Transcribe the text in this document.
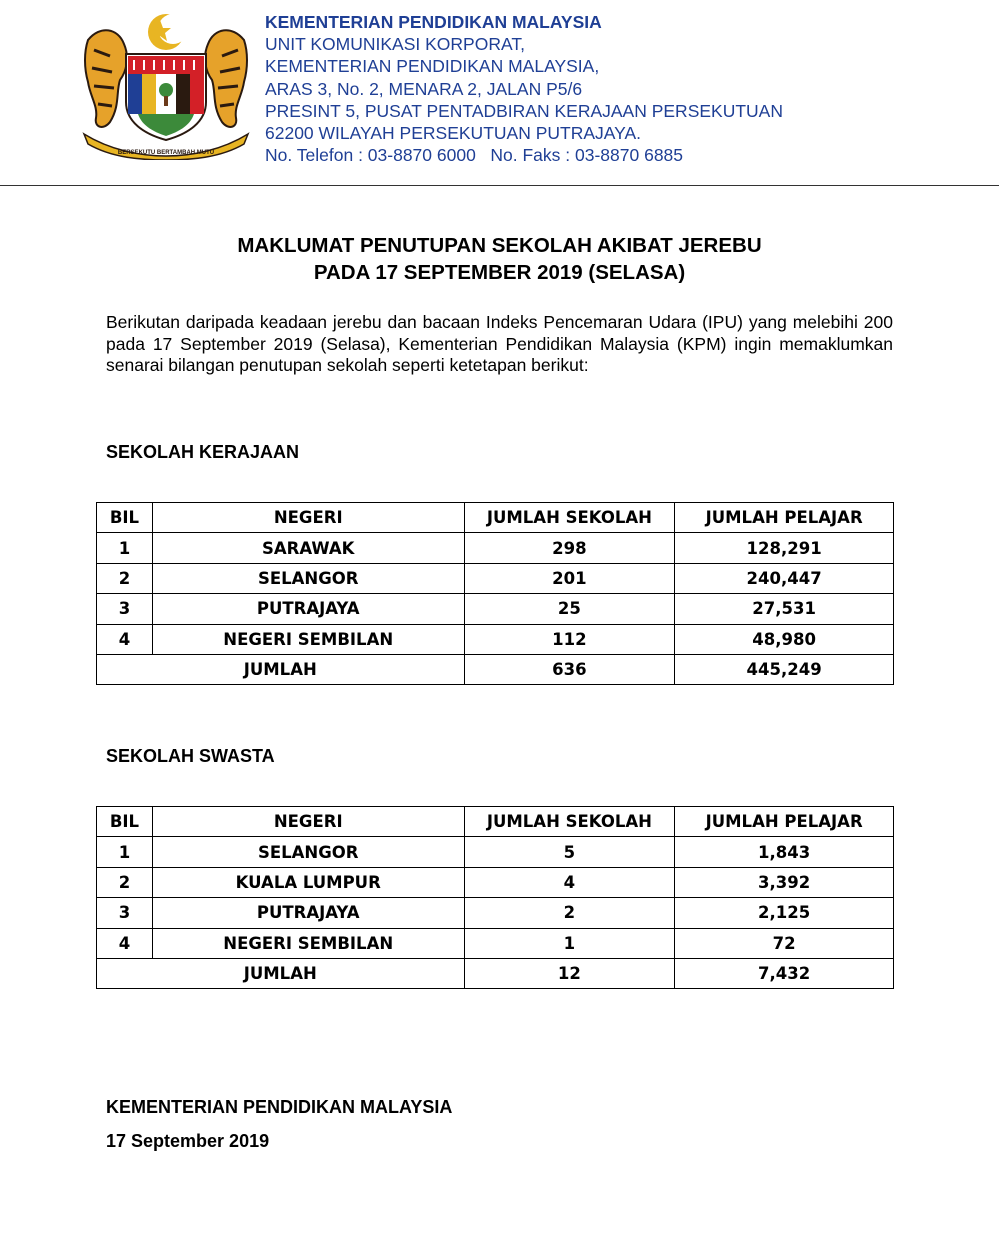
BERSEKUTU BERTAMBAH MUTU
KEMENTERIAN PENDIDIKAN MALAYSIA
UNIT KOMUNIKASI KORPORAT,
KEMENTERIAN PENDIDIKAN MALAYSIA,
ARAS 3, No. 2, MENARA 2, JALAN P5/6
PRESINT 5, PUSAT PENTADBIRAN KERAJAAN PERSEKUTUAN
62200 WILAYAH PERSEKUTUAN PUTRAJAYA.
No. Telefon : 03-8870 6000   No. Faks : 03-8870 6885
MAKLUMAT PENUTUPAN SEKOLAH AKIBAT JEREBU
PADA 17 SEPTEMBER 2019 (SELASA)
Berikutan daripada keadaan jerebu dan bacaan Indeks Pencemaran Udara (IPU) yang melebihi 200 pada 17 September 2019 (Selasa), Kementerian Pendidikan Malaysia (KPM) ingin memaklumkan senarai bilangan penutupan sekolah seperti ketetapan berikut:
SEKOLAH KERAJAAN
BIL	NEGERI	JUMLAH SEKOLAH	JUMLAH PELAJAR
1	SARAWAK	298	128,291
2	SELANGOR	201	240,447
3	PUTRAJAYA	25	27,531
4	NEGERI SEMBILAN	112	48,980
JUMLAH		636	445,249
SEKOLAH SWASTA
BIL	NEGERI	JUMLAH SEKOLAH	JUMLAH PELAJAR
1	SELANGOR	5	1,843
2	KUALA LUMPUR	4	3,392
3	PUTRAJAYA	2	2,125
4	NEGERI SEMBILAN	1	72
JUMLAH		12	7,432
KEMENTERIAN PENDIDIKAN MALAYSIA
17 September 2019
